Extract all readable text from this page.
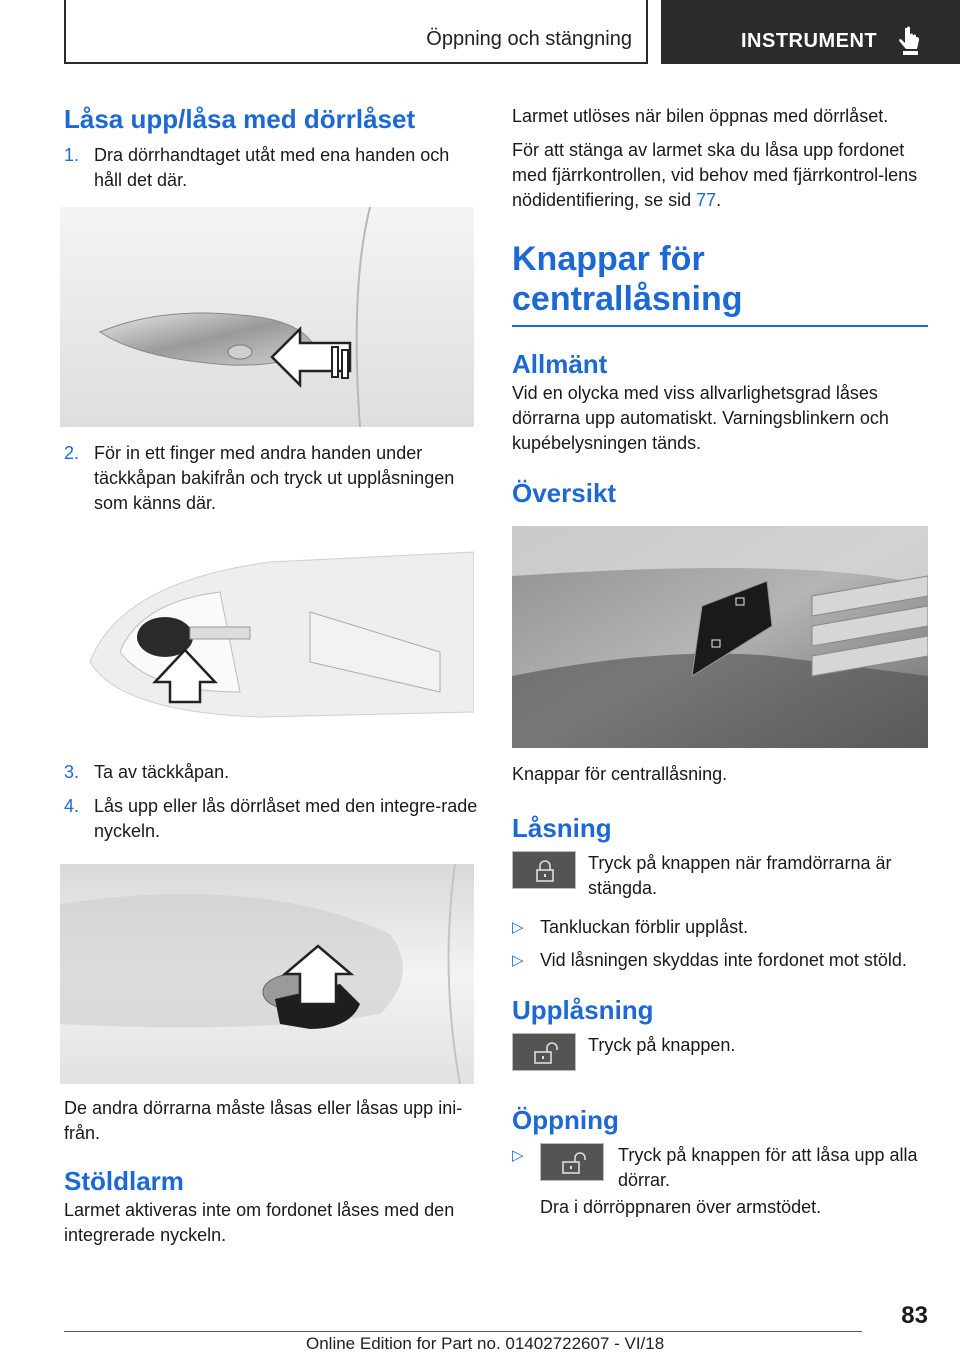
Öppning och stängning	INSTRUMENT
Låsa upp/låsa med dörrlåset
1. Dra dörrhandtaget utåt med ena handen och håll det där.
2. För in ett finger med andra handen under täckkåpan bakifrån och tryck ut upplåsningen som känns där.
3. Ta av täckkåpan.
4. Lås upp eller lås dörrlåset med den integre-rade nyckeln.

De andra dörrarna måste låsas eller låsas upp ini-från.

Stöldlarm

Larmet aktiveras inte om fordonet låses med den integrerade nyckeln.

Larmet utlöses när bilen öppnas med dörrlåset.

För att stänga av larmet ska du låsa upp fordonet med fjärrkontrollen, vid behov med fjärrkontrol-lens nödidentifiering, se sid 77.

Knappar för centrallåsning
Allmänt

Vid en olycka med viss allvarlighetsgrad låses dörrarna upp automatiskt. Varningsblinkern och kupébelysningen tänds.

Översikt

Knappar för centrallåsning.

Låsning

Tryck på knappen när framdörrarna är stängda.

▷ Tankluckan förblir upplåst.
▷ Vid låsningen skyddas inte fordonet mot stöld.
Upplåsning

Tryck på knappen.

Öppning
▷	Tryck på knappen för att låsa upp alla dörrar.

Dra i dörröppnaren över armstödet.

83
Online Edition for Part no. 01402722607 - VI/18
